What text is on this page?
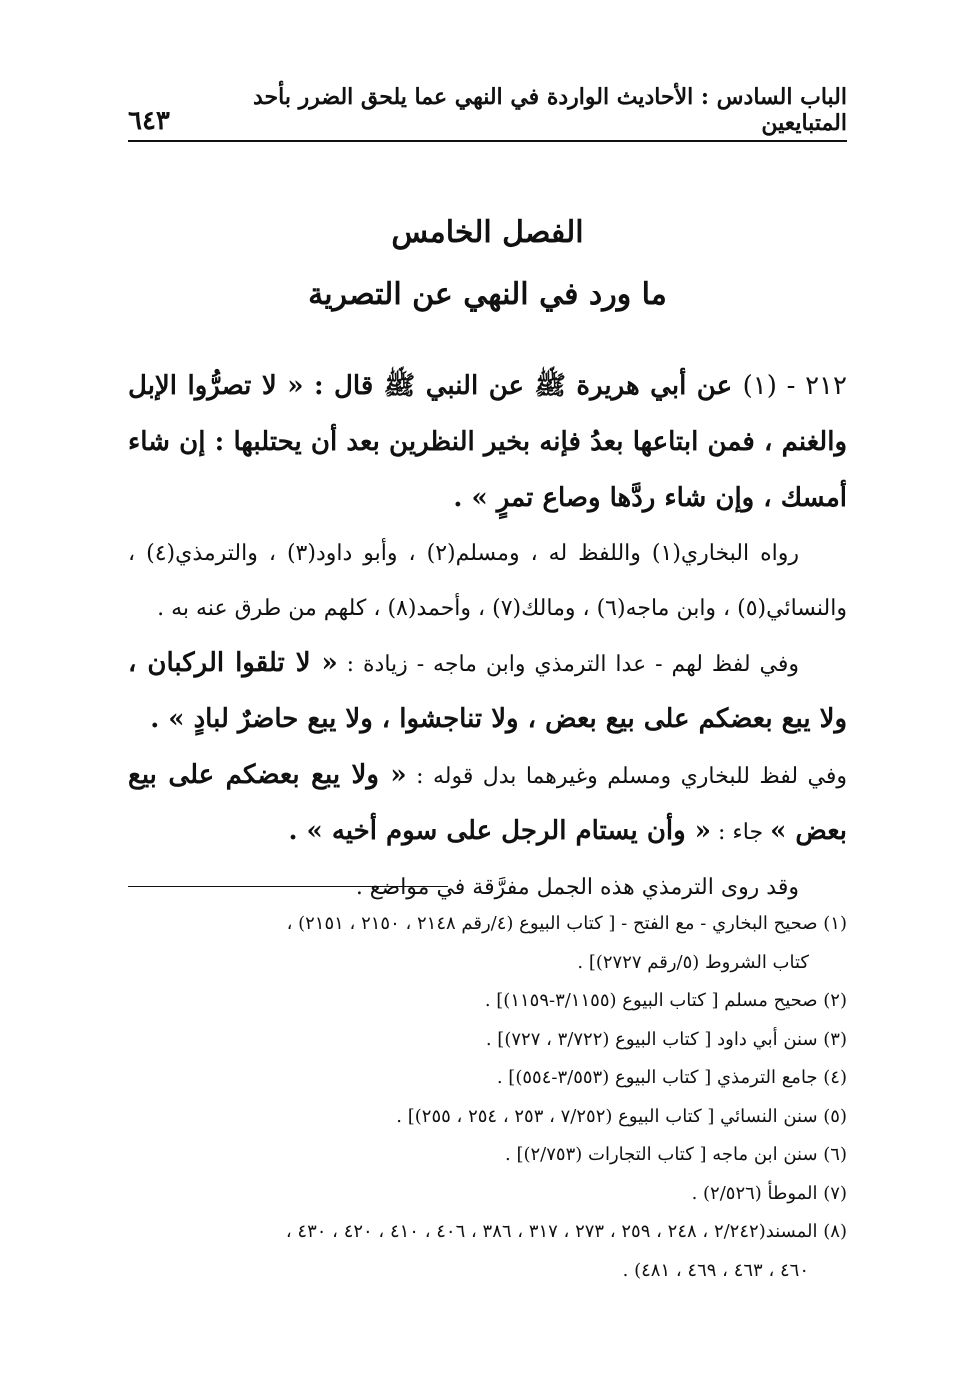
الباب السادس : الأحاديث الواردة في النهي عما يلحق الضرر بأحد المتبايعين
٦٤٣
الفصل الخامس
ما ورد في النهي عن التصرية

٢١٢ - (١) عن أبي هريرة ﷺ عن النبي ﷺ قال : « لا تصرُّوا الإبل والغنم ، فمن ابتاعها بعدُ فإنه بخير النظرين بعد أن يحتلبها : إن شاء أمسك ، وإن شاء ردَّها وصاع تمرٍ » .

رواه البخاري(١) واللفظ له ، ومسلم(٢) ، وأبو داود(٣) ، والترمذي(٤) ، والنسائي(٥) ، وابن ماجه(٦) ، ومالك(٧) ، وأحمد(٨) ، كلهم من طرق عنه به .

وفي لفظ لهم - عدا الترمذي وابن ماجه - زيادة : « لا تلقوا الركبان ، ولا يبع بعضكم على بيع بعض ، ولا تناجشوا ، ولا يبع حاضرٌ لبادٍ » .

وفي لفظ للبخاري ومسلم وغيرهما بدل قوله : « ولا يبع بعضكم على بيع بعض » جاء : « وأن يستام الرجل على سوم أخيه » .

وقد روى الترمذي هذه الجمل مفرَّقة في مواضع .

(١) صحيح البخاري - مع الفتح - [ كتاب البيوع (٤/رقم ٢١٤٨ ، ٢١٥٠ ، ٢١٥١) ،
كتاب الشروط (٥/رقم ٢٧٢٧)] .

(٢) صحيح مسلم [ كتاب البيوع (٣/١١٥٥-١١٥٩)] .

(٣) سنن أبي داود [ كتاب البيوع (٣/٧٢٢ ، ٧٢٧)] .

(٤) جامع الترمذي [ كتاب البيوع (٣/٥٥٣-٥٥٤)] .

(٥) سنن النسائي [ كتاب البيوع (٧/٢٥٢ ، ٢٥٣ ، ٢٥٤ ، ٢٥٥)] .

(٦) سنن ابن ماجه [ كتاب التجارات (٢/٧٥٣)] .

(٧) الموطأ (٢/٥٢٦) .

(٨) المسند(٢/٢٤٢ ، ٢٤٨ ، ٢٥٩ ، ٢٧٣ ، ٣١٧ ، ٣٨٦ ، ٤٠٦ ، ٤١٠ ، ٤٢٠ ، ٤٣٠ ،
٤٦٠ ، ٤٦٣ ، ٤٦٩ ، ٤٨١) .
